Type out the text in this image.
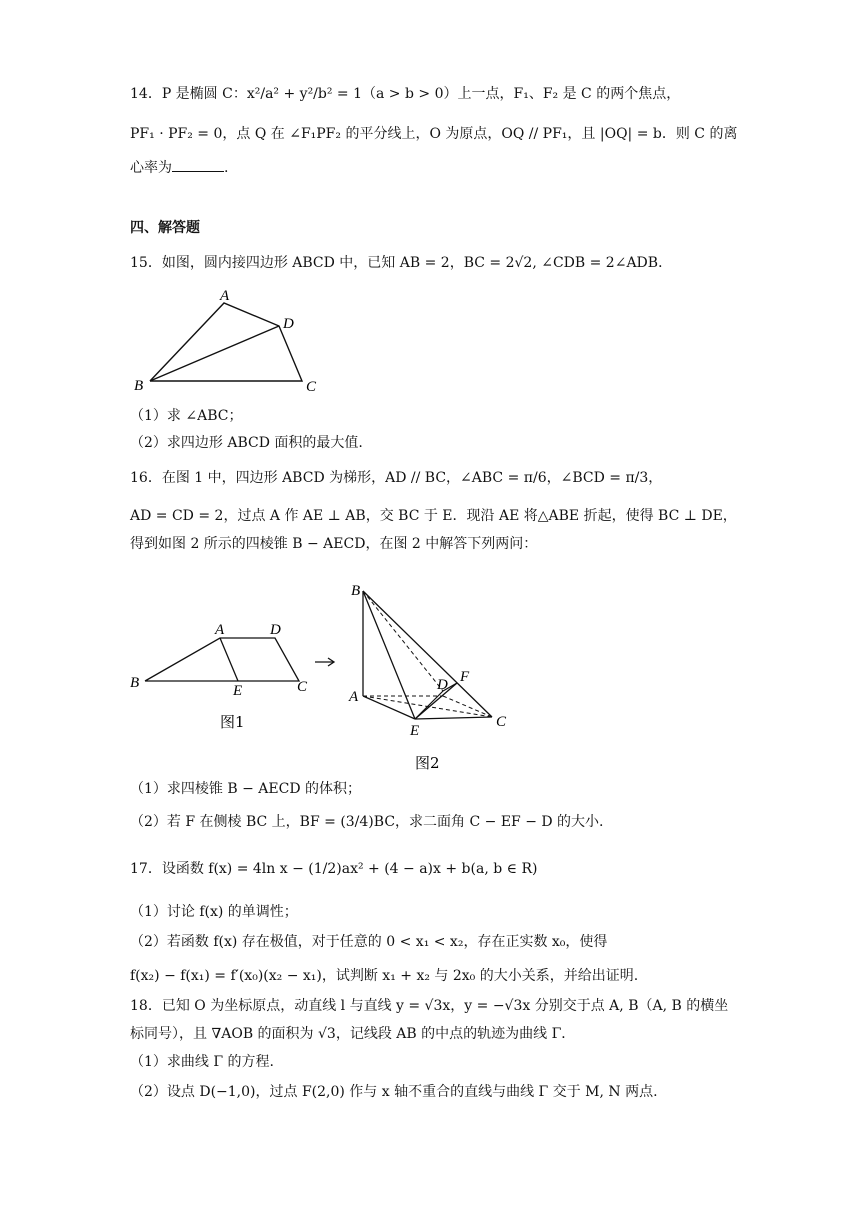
14．P 是椭圆 C：x²/a² + y²/b² = 1（a > b > 0）上一点，F₁、F₂ 是 C 的两个焦点，
PF₁ · PF₂ = 0，点 Q 在 ∠F₁PF₂ 的平分线上，O 为原点，OQ // PF₁，且 |OQ| = b．则 C 的离
心率为	.
四、解答题
15．如图，圆内接四边形 ABCD 中，已知 AB = 2，BC = 2√2, ∠CDB = 2∠ADB．
A
D
B	C
（1）求 ∠ABC；
（2）求四边形 ABCD 面积的最大值.
16．在图 1 中，四边形 ABCD 为梯形，AD // BC，∠ABC = π/6，∠BCD = π/3，
AD = CD = 2，过点 A 作 AE ⊥ AB，交 BC 于 E．现沿 AE 将△ABE 折起，使得 BC ⊥ DE，
得到如图 2 所示的四棱锥 B − AECD，在图 2 中解答下列两问：
A	D
B	E	C
图1
B
A
D F
E
C
图2
（1）求四棱锥 B − AECD 的体积；
（2）若 F 在侧棱 BC 上，BF = (3/4)BC，求二面角 C − EF − D 的大小.
17．设函数 f(x) = 4ln x − (1/2)ax² + (4 − a)x + b(a, b ∈ R)
（1）讨论 f(x) 的单调性；
（2）若函数 f(x) 存在极值，对于任意的 0 < x₁ < x₂，存在正实数 x₀，使得
f(x₂) − f(x₁) = f′(x₀)(x₂ − x₁)，试判断 x₁ + x₂ 与 2x₀ 的大小关系，并给出证明.
18．已知 O 为坐标原点，动直线 l 与直线 y = √3x，y = −√3x 分别交于点 A, B（A, B 的横坐
标同号），且 ∇AOB 的面积为 √3，记线段 AB 的中点的轨迹为曲线 Γ．
（1）求曲线 Γ 的方程.
（2）设点 D(−1,0)，过点 F(2,0) 作与 x 轴不重合的直线与曲线 Γ 交于 M, N 两点.
